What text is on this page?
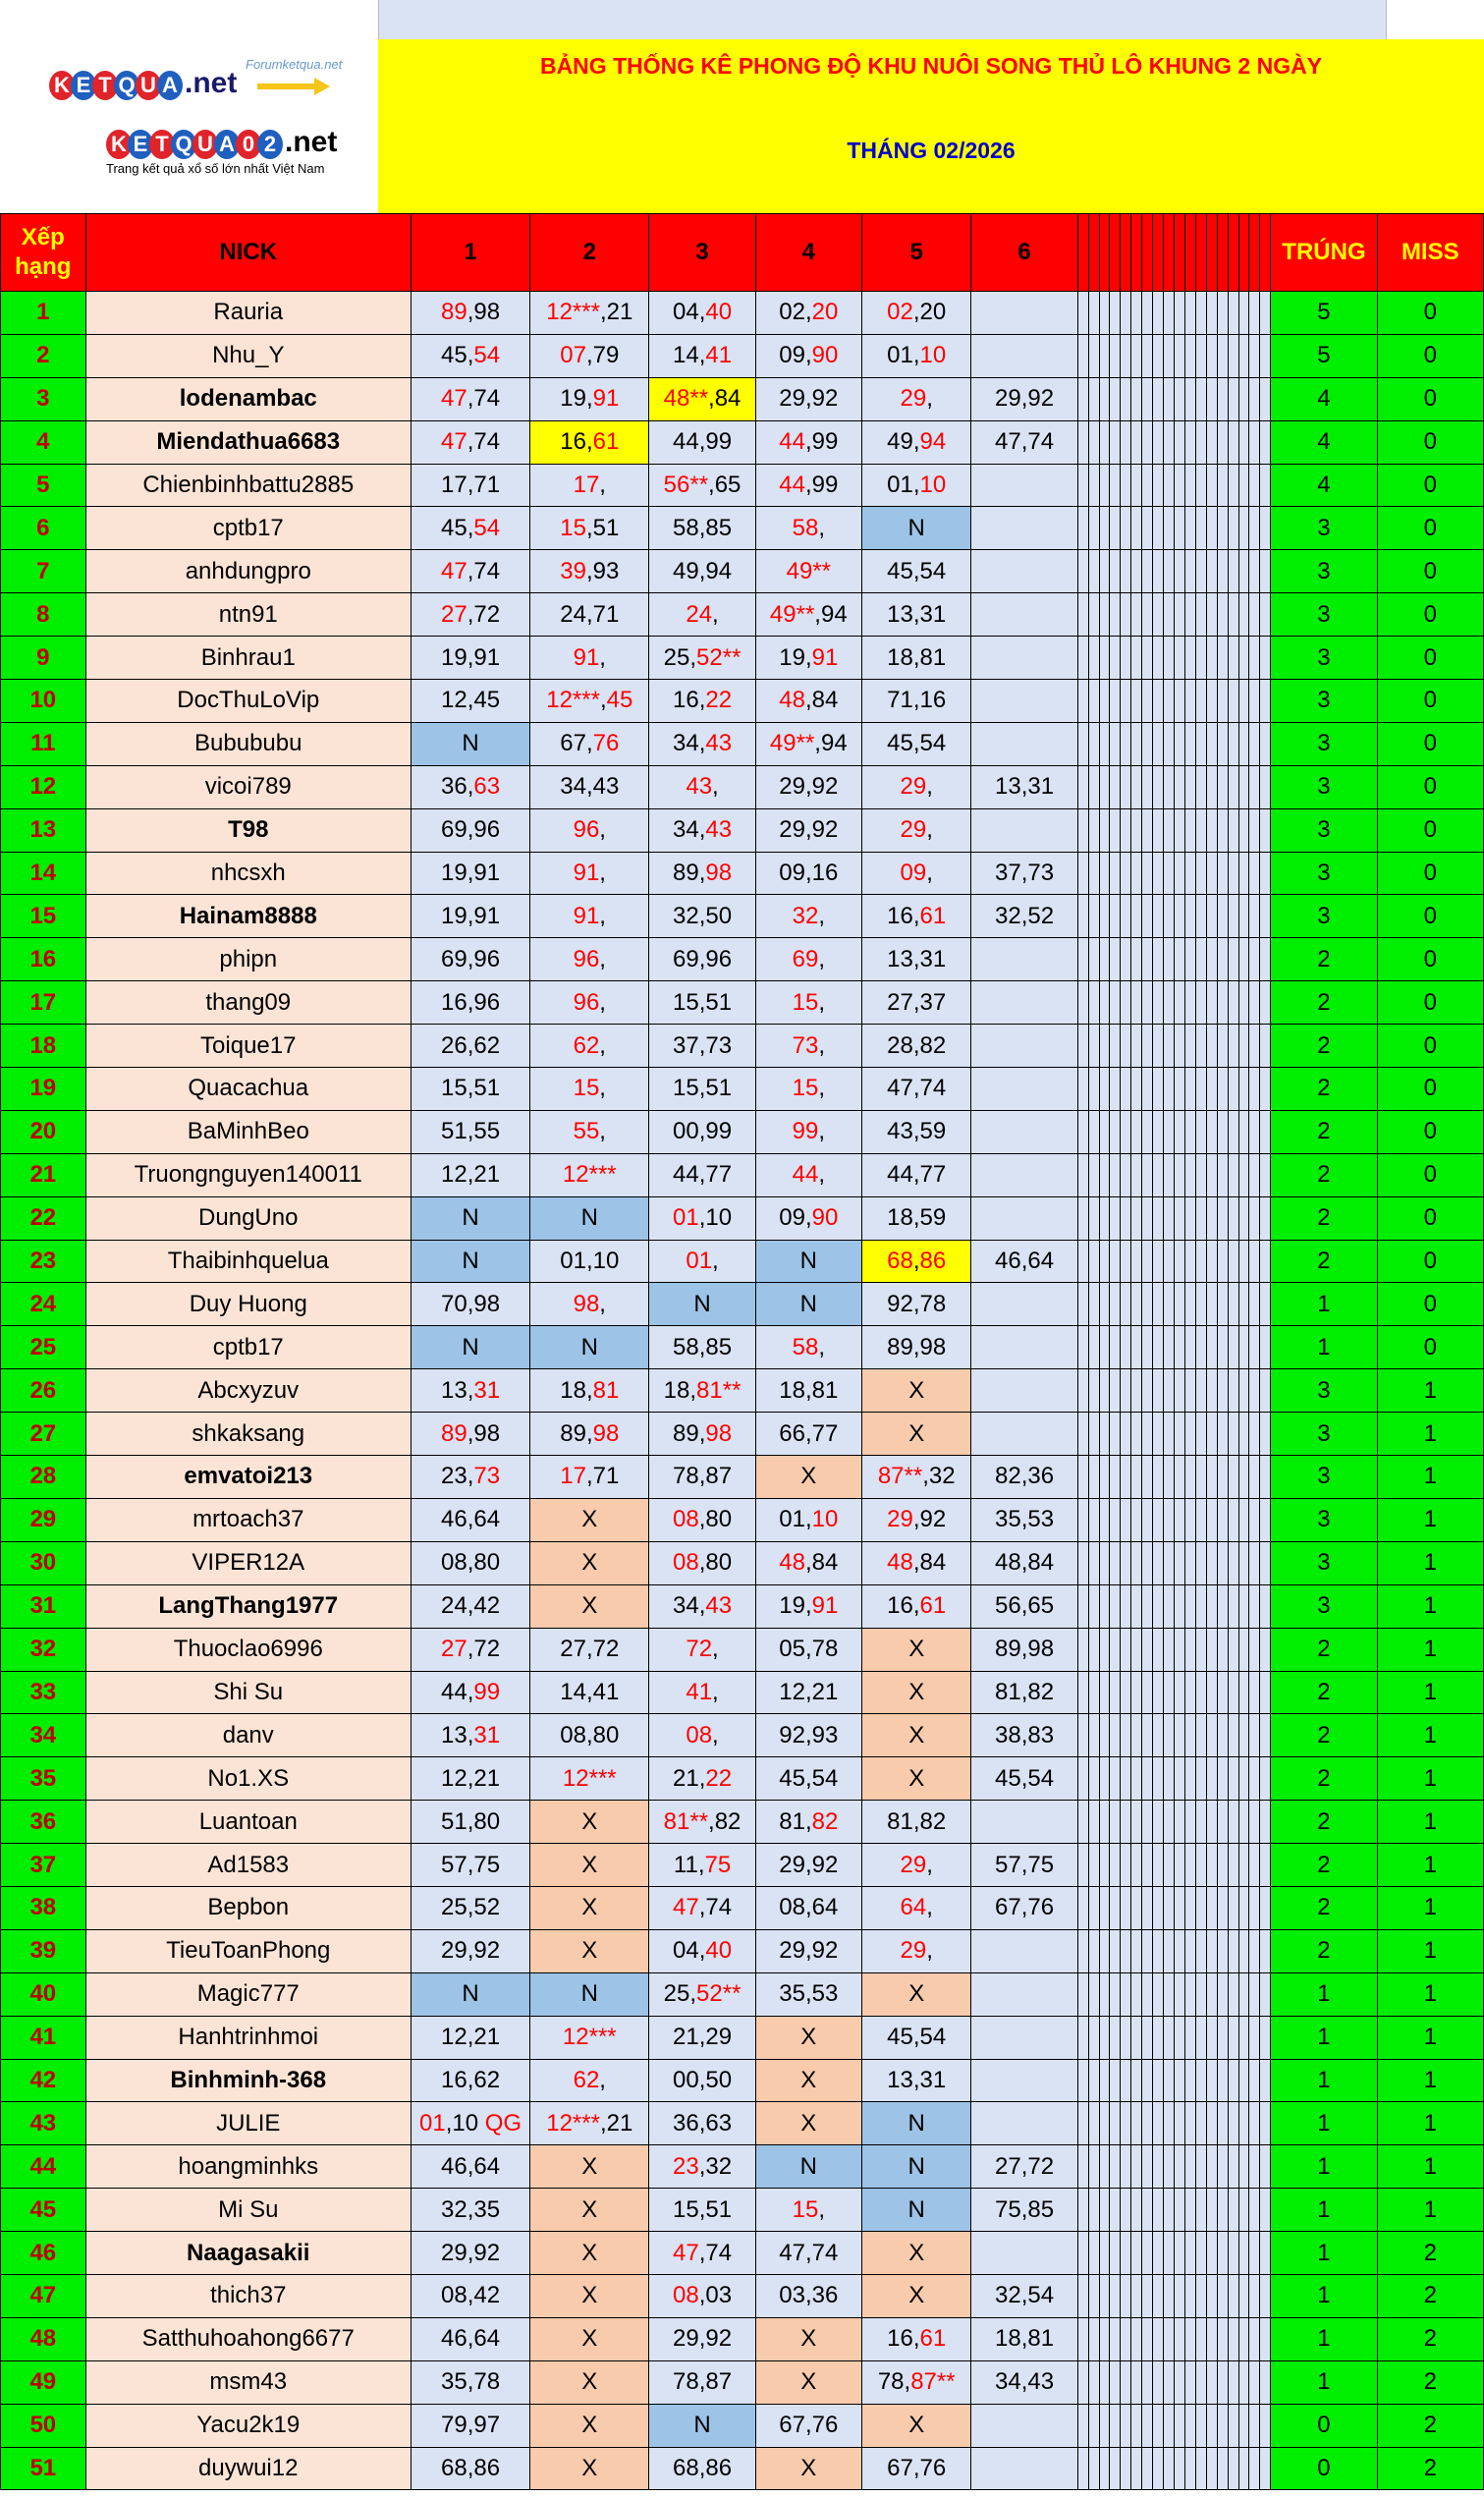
K E T Q U A .net
K E T Q U A 0 2 .net
Forumketqua.net
Trang kết quả xổ số lớn nhất Việt Nam
BẢNG THỐNG KÊ PHONG ĐỘ KHU NUÔI SONG THỦ LÔ KHUNG 2 NGÀY
THÁNG 02/2026

Xếp hạng	NICK	1	2	3	4	5	6																			TRÚNG	MISS
1	Rauria	89,98	12***,21	04,40	02,20	02,20																				5	0
2	Nhu_Y	45,54	07,79	14,41	09,90	01,10																				5	0
3	lodenambac	47,74	19,91	48**,84	29,92	29,	29,92																			4	0
4	Miendathua6683	47,74	16,61	44,99	44,99	49,94	47,74																			4	0
5	Chienbinhbattu2885	17,71	17,	56**,65	44,99	01,10																				4	0
6	cptb17	45,54	15,51	58,85	58,	N																				3	0
7	anhdungpro	47,74	39,93	49,94	49**	45,54																				3	0
8	ntn91	27,72	24,71	24,	49**,94	13,31																				3	0
9	Binhrau1	19,91	91,	25,52**	19,91	18,81																				3	0
10	DocThuLoVip	12,45	12***,45	16,22	48,84	71,16																				3	0
11	Bubububu	N	67,76	34,43	49**,94	45,54																				3	0
12	vicoi789	36,63	34,43	43,	29,92	29,	13,31																			3	0
13	T98	69,96	96,	34,43	29,92	29,																				3	0
14	nhcsxh	19,91	91,	89,98	09,16	09,	37,73																			3	0
15	Hainam8888	19,91	91,	32,50	32,	16,61	32,52																			3	0
16	phipn	69,96	96,	69,96	69,	13,31																				2	0
17	thang09	16,96	96,	15,51	15,	27,37																				2	0
18	Toique17	26,62	62,	37,73	73,	28,82																				2	0
19	Quacachua	15,51	15,	15,51	15,	47,74																				2	0
20	BaMinhBeo	51,55	55,	00,99	99,	43,59																				2	0
21	Truongnguyen140011	12,21	12***	44,77	44,	44,77																				2	0
22	DungUno	N	N	01,10	09,90	18,59																				2	0
23	Thaibinhquelua	N	01,10	01,	N	68,86	46,64																			2	0
24	Duy Huong	70,98	98,	N	N	92,78																				1	0
25	cptb17	N	N	58,85	58,	89,98																				1	0
26	Abcxyzuv	13,31	18,81	18,81**	18,81	X																				3	1
27	shkaksang	89,98	89,98	89,98	66,77	X																				3	1
28	emvatoi213	23,73	17,71	78,87	X	87**,32	82,36																			3	1
29	mrtoach37	46,64	X	08,80	01,10	29,92	35,53																			3	1
30	VIPER12A	08,80	X	08,80	48,84	48,84	48,84																			3	1
31	LangThang1977	24,42	X	34,43	19,91	16,61	56,65																			3	1
32	Thuoclao6996	27,72	27,72	72,	05,78	X	89,98																			2	1
33	Shi Su	44,99	14,41	41,	12,21	X	81,82																			2	1
34	danv	13,31	08,80	08,	92,93	X	38,83																			2	1
35	No1.XS	12,21	12***	21,22	45,54	X	45,54																			2	1
36	Luantoan	51,80	X	81**,82	81,82	81,82																				2	1
37	Ad1583	57,75	X	11,75	29,92	29,	57,75																			2	1
38	Bepbon	25,52	X	47,74	08,64	64,	67,76																			2	1
39	TieuToanPhong	29,92	X	04,40	29,92	29,																				2	1
40	Magic777	N	N	25,52**	35,53	X																				1	1
41	Hanhtrinhmoi	12,21	12***	21,29	X	45,54																				1	1
42	Binhminh-368	16,62	62,	00,50	X	13,31																				1	1
43	JULIE	01,10 QG	12***,21	36,63	X	N																				1	1
44	hoangminhks	46,64	X	23,32	N	N	27,72																			1	1
45	Mi Su	32,35	X	15,51	15,	N	75,85																			1	1
46	Naagasakii	29,92	X	47,74	47,74	X																				1	2
47	thich37	08,42	X	08,03	03,36	X	32,54																			1	2
48	Satthuhoahong6677	46,64	X	29,92	X	16,61	18,81																			1	2
49	msm43	35,78	X	78,87	X	78,87**	34,43																			1	2
50	Yacu2k19	79,97	X	N	67,76	X																				0	2
51	duywui12	68,86	X	68,86	X	67,76																				0	2
